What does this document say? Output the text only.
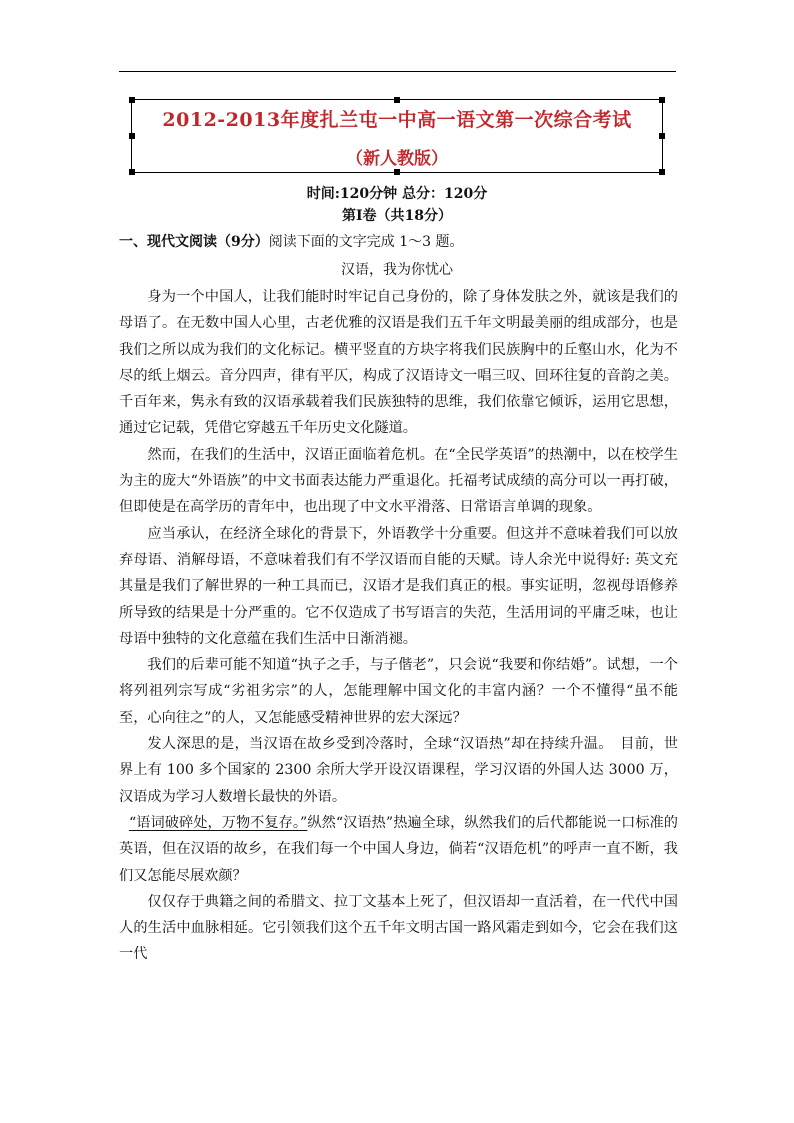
2012-2013年度扎兰屯一中高一语文第一次综合考试
（新人教版）
时间:120分钟 总分：120分
第Ⅰ卷（共18分）
一、现代文阅读（9分）阅读下面的文字完成 1～3 题。
汉语，我为你忧心

身为一个中国人，让我们能时时牢记自己身份的，除了身体发肤之外，就该是我们的母语了。在无数中国人心里，古老优雅的汉语是我们五千年文明最美丽的组成部分，也是我们之所以成为我们的文化标记。横平竖直的方块字将我们民族胸中的丘壑山水，化为不尽的纸上烟云。音分四声，律有平仄，构成了汉语诗文一唱三叹、回环往复的音韵之美。千百年来，隽永有致的汉语承载着我们民族独特的思维，我们依靠它倾诉，运用它思想，通过它记载，凭借它穿越五千年历史文化隧道。

然而，在我们的生活中，汉语正面临着危机。在“全民学英语”的热潮中，以在校学生为主的庞大“外语族”的中文书面表达能力严重退化。托福考试成绩的高分可以一再打破，但即使是在高学历的青年中，也出现了中文水平滑落、日常语言单调的现象。

应当承认，在经济全球化的背景下，外语教学十分重要。但这并不意味着我们可以放弃母语、消解母语，不意味着我们有不学汉语而自能的天赋。诗人余光中说得好: 英文充其量是我们了解世界的一种工具而已，汉语才是我们真正的根。事实证明，忽视母语修养所导致的结果是十分严重的。它不仅造成了书写语言的失范，生活用词的平庸乏味，也让母语中独特的文化意蕴在我们生活中日渐消褪。

我们的后辈可能不知道“执子之手，与子偕老”，只会说“我要和你结婚”。试想，一个将列祖列宗写成“劣祖劣宗”的人，怎能理解中国文化的丰富内涵？一个不懂得“虽不能至，心向往之”的人，又怎能感受精神世界的宏大深远？

发人深思的是，当汉语在故乡受到冷落时，全球“汉语热”却在持续升温。　目前，世界上有 100 多个国家的 2300 余所大学开设汉语课程，学习汉语的外国人达 3000 万，汉语成为学习人数增长最快的外语。

“语词破碎处，万物不复存。”纵然“汉语热”热遍全球，纵然我们的后代都能说一口标准的英语，但在汉语的故乡，在我们每一个中国人身边，倘若“汉语危机”的呼声一直不断，我们又怎能尽展欢颜？

仅仅存于典籍之间的希腊文、拉丁文基本上死了，但汉语却一直活着，在一代代中国人的生活中血脉相延。它引领我们这个五千年文明古国一路风霜走到如今，它会在我们这一代
